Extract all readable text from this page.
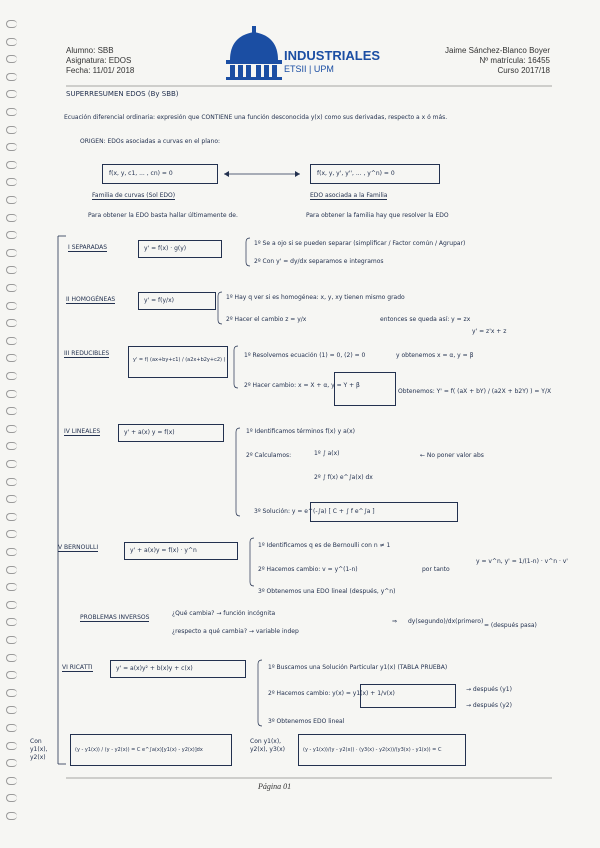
Alumno: SBB
Asignatura: EDOS
Fecha: 11/01/ 2018
INDUSTRIALES
ETSII | UPM
Jaime Sánchez-Blanco Boyer
Nº matrícula: 16455
Curso 2017/18
SUPERRESUMEN EDOS (By SBB)
Ecuación diferencial ordinaria: expresión que CONTIENE una función desconocida y(x) como sus derivadas, respecto a x ó más.
ORIGEN: EDOs asociadas a curvas en el plano:
f(x, y, c1, ... , cn) = 0	f(x, y, y', y'', ... , y^n) = 0
Familia de curvas (Sol EDO)	EDO asociada a la Familia
Para obtener la EDO basta hallar últimamente de.	Para obtener la familia hay que resolver la EDO
I SEPARADAS	y' = f(x) · g(y)
1º Se a ojo si se pueden separar (simplificar / Factor común / Agrupar)
2º Con y' = dy/dx separamos e integramos
II HOMOGÉNEAS	y' = f(y/x)	1º Hay q ver si es homogénea: x, y, xy tienen mismo grado
2º Hacer el cambio z = y/x	entonces se queda así: y = zx
y' = z'x + z
III REDUCIBLES
y' = f( (ax+by+c1) / (a2x+b2y+c2) )
1º Resolvemos ecuación (1) = 0, (2) = 0	y obtenemos x = α, y = β
2º Hacer cambio: x = X + α, y = Y + β
Obtenemos: Y' = f( (aX + bY) / (a2X + b2Y) ) = Y/X
IV LINEALES	y' + a(x) y = f(x)	1º Identificamos términos f(x) y a(x)
2º Calculamos:	1º ∫ a(x)
2º ∫ f(x) e^∫a(x) dx
← No poner valor abs
3º Solución: y = e^(-∫a) [ C + ∫ f e^∫a ]
V BERNOULLI	y' + a(x)y = f(x) · y^n
1º Identificamos q es de Bernoulli con n ≠ 1
2º Hacemos cambio: v = y^(1-n)	por tanto
y = v^n, y' = 1/(1-n) · v^n · v'
3º Obtenemos una EDO lineal (después, y^n)
PROBLEMAS INVERSOS
¿Qué cambia? → función incógnita
¿respecto a qué cambia? → variable indep
⇒ dy(segundo)/dx(primero)
= (después pasa)
VI RICATTI	y' = a(x)y² + b(x)y + c(x)	1º Buscamos una Solución Particular y1(x) (TABLA PRUEBA)
2º Hacemos cambio: y(x) = y1(x) + 1/v(x)
→ después (y1)
→ después (y2)
3º Obtenemos EDO lineal
Con y1(x), y2(x)
(y - y1(x)) / (y - y2(x)) = C e^∫a(x)[y1(x) - y2(x)]dx
Con y1(x), y2(x), y3(x)	(y - y1(x))/(y - y2(x)) · (y3(x) - y2(x))/(y3(x) - y1(x)) = C
Página 01
